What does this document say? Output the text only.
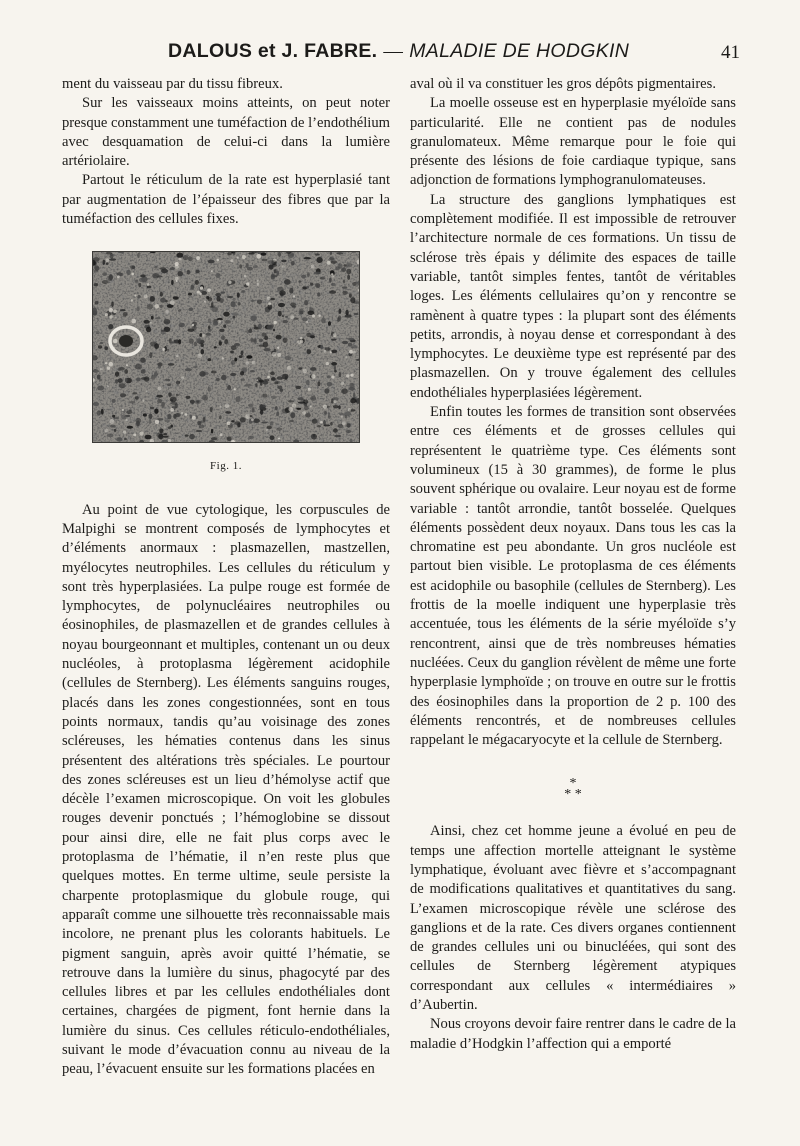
DALOUS et J. FABRE. — MALADIE DE HODGKIN	41

ment du vaisseau par du tissu fibreux.

Sur les vaisseaux moins atteints, on peut noter presque constamment une tuméfaction de l’endothélium avec desquamation de celui-ci dans la lumière artériolaire.

Partout le réticulum de la rate est hyperplasié tant par augmentation de l’épaisseur des fibres que par la tuméfaction des cellules fixes.

Fig. 1.

Au point de vue cytologique, les corpuscules de Malpighi se montrent composés de lymphocytes et d’éléments anormaux : plasmazellen, mastzellen, myélocytes neutrophiles. Les cellules du réticulum y sont très hyperplasiées. La pulpe rouge est formée de lymphocytes, de polynucléaires neutrophiles ou éosinophiles, de plasmazellen et de grandes cellules à noyau bourgeonnant et multiples, contenant un ou deux nucléoles, à protoplasma légèrement acidophile (cellules de Sternberg). Les éléments sanguins rouges, placés dans les zones congestionnées, sont en tous points normaux, tandis qu’au voisinage des zones scléreuses, les hématies contenus dans les sinus présentent des altérations très spéciales. Le pourtour des zones scléreuses est un lieu d’hémolyse actif que décèle l’examen microscopique. On voit les globules rouges devenir ponctués ; l’hémoglobine se dissout pour ainsi dire, elle ne fait plus corps avec le protoplasma de l’hématie, il n’en reste plus que quelques mottes. En terme ultime, seule persiste la charpente protoplasmique du globule rouge, qui apparaît comme une silhouette très reconnaissable mais incolore, ne prenant plus les colorants habituels. Le pigment sanguin, après avoir quitté l’hématie, se retrouve dans la lumière du sinus, phagocyté par des cellules libres et par les cellules endothéliales dont certaines, chargées de pigment, font hernie dans la lumière du sinus. Ces cellules réticulo-endothéliales, suivant le mode d’évacuation connu au niveau de la peau, l’évacuent ensuite sur les formations placées en

aval où il va constituer les gros dépôts pigmentaires.

La moelle osseuse est en hyperplasie myéloïde sans particularité. Elle ne contient pas de nodules granulomateux. Même remarque pour le foie qui présente des lésions de foie cardiaque typique, sans adjonction de formations lymphogranulomateuses.

La structure des ganglions lymphatiques est complètement modifiée. Il est impossible de retrouver l’architecture normale de ces formations. Un tissu de sclérose très épais y délimite des espaces de taille variable, tantôt simples fentes, tantôt de véritables loges. Les éléments cellulaires qu’on y rencontre se ramènent à quatre types : la plupart sont des éléments petits, arrondis, à noyau dense et correspondant à des lymphocytes. Le deuxième type est représenté par des plasmazellen. On y trouve également des cellules endothéliales hyperplasiées légèrement.

Enfin toutes les formes de transition sont observées entre ces éléments et de grosses cellules qui représentent le quatrième type. Ces éléments sont volumineux (15 à 30 grammes), de forme le plus souvent sphérique ou ovalaire. Leur noyau est de forme variable : tantôt arrondie, tantôt bosselée. Quelques éléments possèdent deux noyaux. Dans tous les cas la chromatine est peu abondante. Un gros nucléole est partout bien visible. Le protoplasma de ces éléments est acidophile ou basophile (cellules de Sternberg). Les frottis de la moelle indiquent une hyperplasie très accentuée, tous les éléments de la série myéloïde s’y rencontrent, ainsi que de très nombreuses hématies nucléées. Ceux du ganglion révèlent de même une forte hyperplasie lymphoïde ; on trouve en outre sur le frottis des éosinophiles dans la proportion de 2 p. 100 des éléments rencontrés, et de nombreuses cellules rappelant le mégacaryocyte et la cellule de Sternberg.

*
* *

Ainsi, chez cet homme jeune a évolué en peu de temps une affection mortelle atteignant le système lymphatique, évoluant avec fièvre et s’accompagnant de modifications qualitatives et quantitatives du sang. L’examen microscopique révèle une sclérose des ganglions et de la rate. Ces divers organes contiennent de grandes cellules uni ou binucléées, qui sont des cellules de Sternberg légèrement atypiques correspondant aux cellules « intermédiaires » d’Aubertin.

Nous croyons devoir faire rentrer dans le cadre de la maladie d’Hodgkin l’affection qui a emporté
